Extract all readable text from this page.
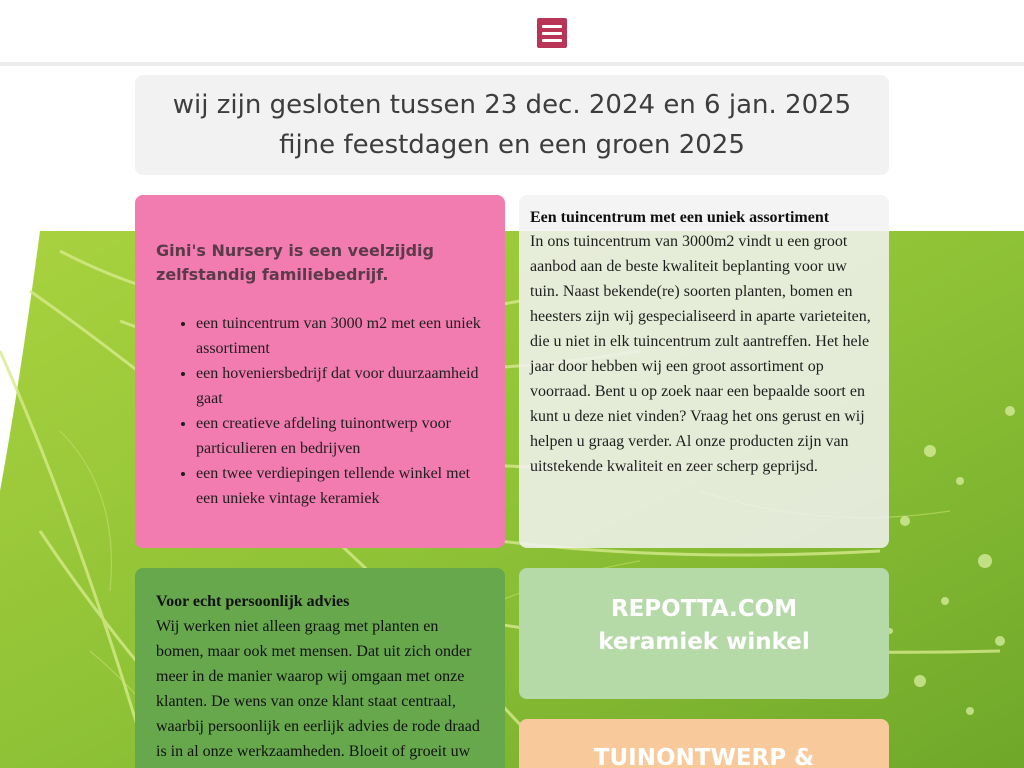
wij zijn gesloten tussen 23 dec. 2024 en 6 jan. 2025
fijne feestdagen en een groen 2025
Gini's Nursery is een veelzijdig zelfstandig familiebedrijf.
• een tuincentrum van 3000 m2 met een uniek assortiment
• een hoveniersbedrijf dat voor duurzaamheid gaat
• een creatieve afdeling tuinontwerp voor particulieren en bedrijven
• een twee verdiepingen tellende winkel met een unieke vintage keramiek
Een tuincentrum met een uniek assortiment

In ons tuincentrum van 3000m2 vindt u een groot aanbod aan de beste kwaliteit beplanting voor uw tuin. Naast bekende(re) soorten planten, bomen en heesters zijn wij gespecialiseerd in aparte varieteiten, die u niet in elk tuincentrum zult aantreffen. Het hele jaar door hebben wij een groot assortiment op voorraad. Bent u op zoek naar een bepaalde soort en kunt u deze niet vinden? Vraag het ons gerust en wij helpen u graag verder. Al onze producten zijn van uitstekende kwaliteit en zeer scherp geprijsd.

Voor echt persoonlijk advies

Wij werken niet alleen graag met planten en bomen, maar ook met mensen. Dat uit zich onder meer in de manier waarop wij omgaan met onze klanten. De wens van onze klant staat centraal, waarbij persoonlijk en eerlijk advies de rode draad is in al onze werkzaamheden. Bloeit of groeit uw

REPOTTA.COM
keramiek winkel
TUINONTWERP &
